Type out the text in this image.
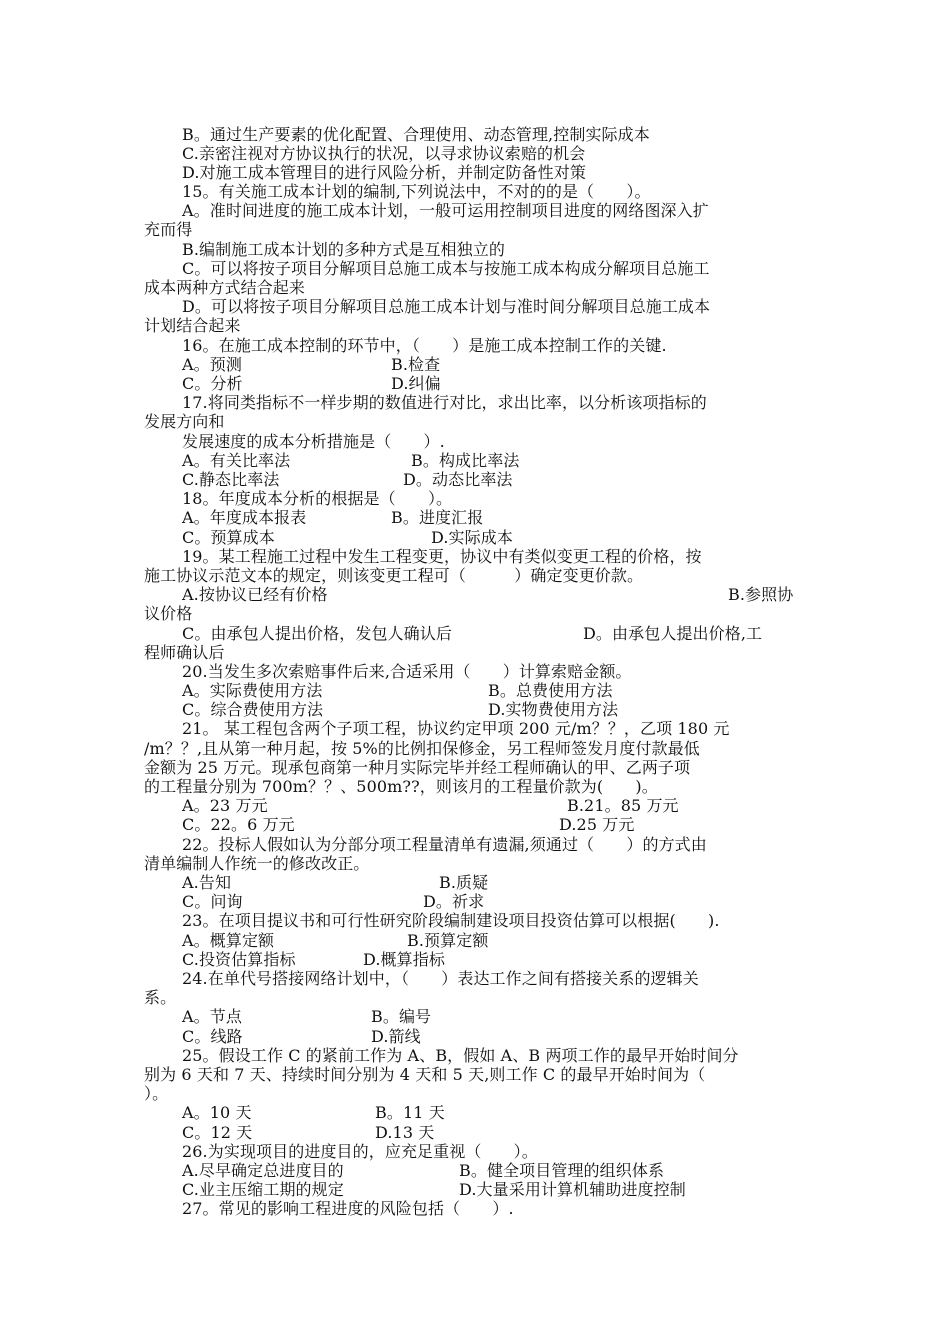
B。通过生产要素的优化配置、合理使用、动态管理,控制实际成本

C.亲密注视对方协议执行的状况，以寻求协议索赔的机会

D.对施工成本管理目的进行风险分析，并制定防备性对策

15。有关施工成本计划的编制,下列说法中，不对的的是（　　）。

A。准时间进度的施工成本计划，一般可运用控制项目进度的网络图深入扩

充而得

B.编制施工成本计划的多种方式是互相独立的

C。可以将按子项目分解项目总施工成本与按施工成本构成分解项目总施工

成本两种方式结合起来

D。可以将按子项目分解项目总施工成本计划与准时间分解项目总施工成本

计划结合起来

16。在施工成本控制的环节中，（　　）是施工成本控制工作的关键.

A。预测	B.检查

C。分析	D.纠偏

17.将同类指标不一样步期的数值进行对比，求出比率，以分析该项指标的

发展方向和

发展速度的成本分析措施是（　　）.

A。有关比率法	B。构成比率法

C.静态比率法	D。动态比率法

18。年度成本分析的根据是（　　）。

A。年度成本报表	B。进度汇报

C。预算成本	D.实际成本

19。某工程施工过程中发生工程变更，协议中有类似变更工程的价格，按

施工协议示范文本的规定，则该变更工程可（　　　）确定变更价款。

A.按协议已经有价格	B.参照协

议价格

C。由承包人提出价格，发包人确认后	D。由承包人提出价格,工

程师确认后

20.当发生多次索赔事件后来,合适采用（　　）计算索赔金额。

A。实际费使用方法	B。总费使用方法

C。综合费使用方法	D.实物费使用方法

21。 某工程包含两个子项工程，协议约定甲项 200 元/m？？，乙项 180 元

/m？？,且从第一种月起，按 5%的比例扣保修金，另工程师签发月度付款最低

金额为 25 万元。现承包商第一种月实际完毕并经工程师确认的甲、乙两子项

的工程量分别为 700m？？、500m??，则该月的工程量价款为(　　)。

A。23 万元	B.21。85 万元

C。22。6 万元	D.25 万元

22。投标人假如认为分部分项工程量清单有遗漏,须通过（　　）的方式由

清单编制人作统一的修改改正。

A.告知	B.质疑

C。问询	D。祈求

23。在项目提议书和可行性研究阶段编制建设项目投资估算可以根据(　　).

A。概算定额	B.预算定额

C.投资估算指标	D.概算指标

24.在单代号搭接网络计划中，（　　）表达工作之间有搭接关系的逻辑关

系。

A。节点	B。编号

C。线路	D.箭线

25。假设工作 C 的紧前工作为 A、B，假如 A、B 两项工作的最早开始时间分

别为 6 天和 7 天、持续时间分别为 4 天和 5 天,则工作 C 的最早开始时间为（

）。

A。10 天	B。11 天

C。12 天	D.13 天

26.为实现项目的进度目的，应充足重视（　　）。

A.尽早确定总进度目的	B。健全项目管理的组织体系

C.业主压缩工期的规定	D.大量采用计算机辅助进度控制

27。常见的影响工程进度的风险包括（　　）.
